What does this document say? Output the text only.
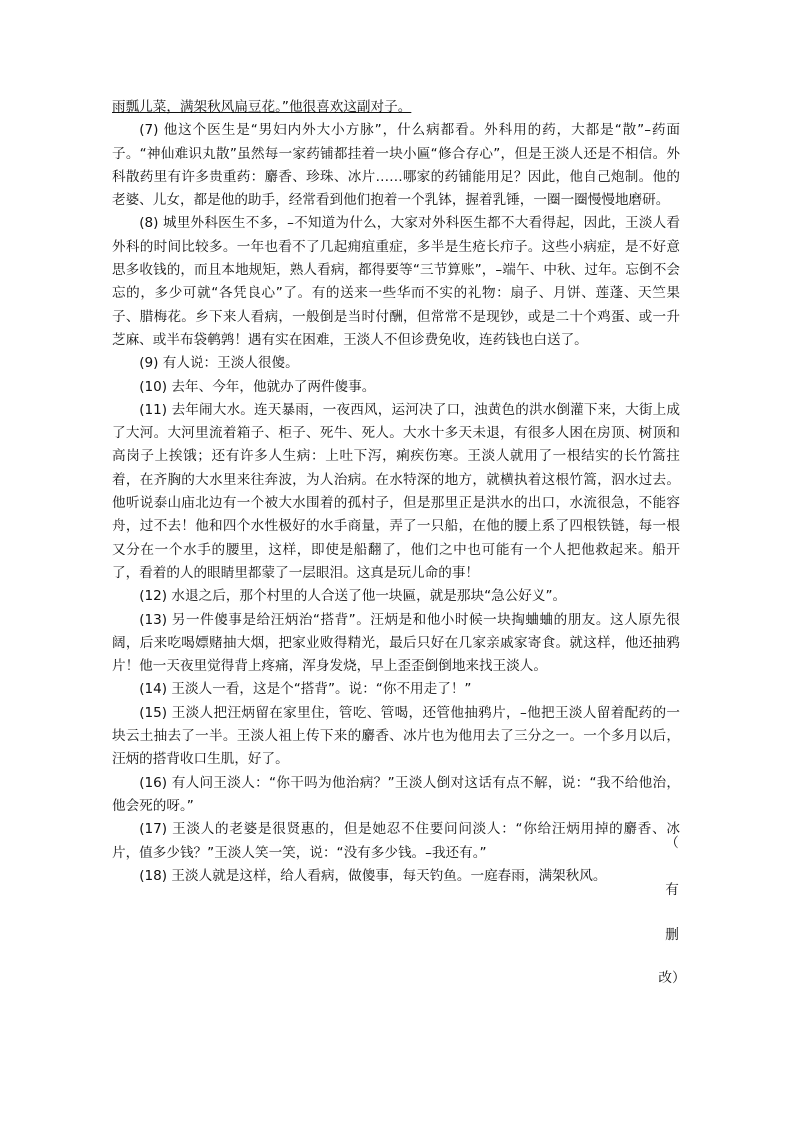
雨瓢儿菜，满架秋风扁豆花。”他很喜欢这副对子。

(7) 他这个医生是“男妇内外大小方脉”，什么病都看。外科用的药，大都是“散”–药面子。“神仙难识丸散”虽然每一家药铺都挂着一块小匾“修合存心”，但是王淡人还是不相信。外科散药里有许多贵重药：麝香、珍珠、冰片……哪家的药铺能用足？因此，他自己炮制。他的老婆、儿女，都是他的助手，经常看到他们抱着一个乳钵，握着乳锤，一圈一圈慢慢地磨研。

(8) 城里外科医生不多，–不知道为什么，大家对外科医生都不大看得起，因此，王淡人看外科的时间比较多。一年也看不了几起痈疽重症，多半是生疮长疖子。这些小病症，是不好意思多收钱的，而且本地规矩，熟人看病，都得要等“三节算账”，–端午、中秋、过年。忘倒不会忘的，多少可就“各凭良心”了。有的送来一些华而不实的礼物：扇子、月饼、莲蓬、天竺果子、腊梅花。乡下来人看病，一般倒是当时付酬，但常常不是现钞，或是二十个鸡蛋、或一升芝麻、或半布袋鹌鹑！遇有实在困难，王淡人不但诊费免收，连药钱也白送了。

(9) 有人说：王淡人很傻。

(10) 去年、今年，他就办了两件傻事。

(11) 去年闹大水。连天暴雨，一夜西风，运河决了口，浊黄色的洪水倒灌下来，大街上成了大河。大河里流着箱子、柜子、死牛、死人。大水十多天未退，有很多人困在房顶、树顶和高岗子上挨饿；还有许多人生病：上吐下泻，痢疾伤寒。王淡人就用了一根结实的长竹篙拄着，在齐胸的大水里来往奔波，为人治病。在水特深的地方，就横执着这根竹篙，泅水过去。他听说泰山庙北边有一个被大水围着的孤村子，但是那里正是洪水的出口，水流很急，不能容舟，过不去！他和四个水性极好的水手商量，弄了一只船，在他的腰上系了四根铁链，每一根又分在一个水手的腰里，这样，即使是船翻了，他们之中也可能有一个人把他救起来。船开了，看着的人的眼睛里都蒙了一层眼泪。这真是玩儿命的事！

(12) 水退之后，那个村里的人合送了他一块匾，就是那块“急公好义”。

(13) 另一件傻事是给汪炳治“搭背”。汪炳是和他小时候一块掏蛐蛐的朋友。这人原先很阔，后来吃喝嫖赌抽大烟，把家业败得精光，最后只好在几家亲戚家寄食。就这样，他还抽鸦片！他一天夜里觉得背上疼痛，浑身发烧，早上歪歪倒倒地来找王淡人。

(14) 王淡人一看，这是个“搭背”。说：“你不用走了！”

(15) 王淡人把汪炳留在家里住，管吃、管喝，还管他抽鸦片，–他把王淡人留着配药的一块云土抽去了一半。王淡人祖上传下来的麝香、冰片也为他用去了三分之一。一个多月以后，汪炳的搭背收口生肌，好了。

(16) 有人问王淡人：“你干吗为他治病？”王淡人倒对这话有点不解，说：“我不给他治，他会死的呀。”

(17) 王淡人的老婆是很贤惠的，但是她忍不住要问问淡人：“你给汪炳用掉的麝香、冰片，值多少钱？”王淡人笑一笑，说：“没有多少钱。–我还有。”

(18) 王淡人就是这样，给人看病，做傻事，每天钓鱼。一庭春雨，满架秋风。

（
有
删
改）
